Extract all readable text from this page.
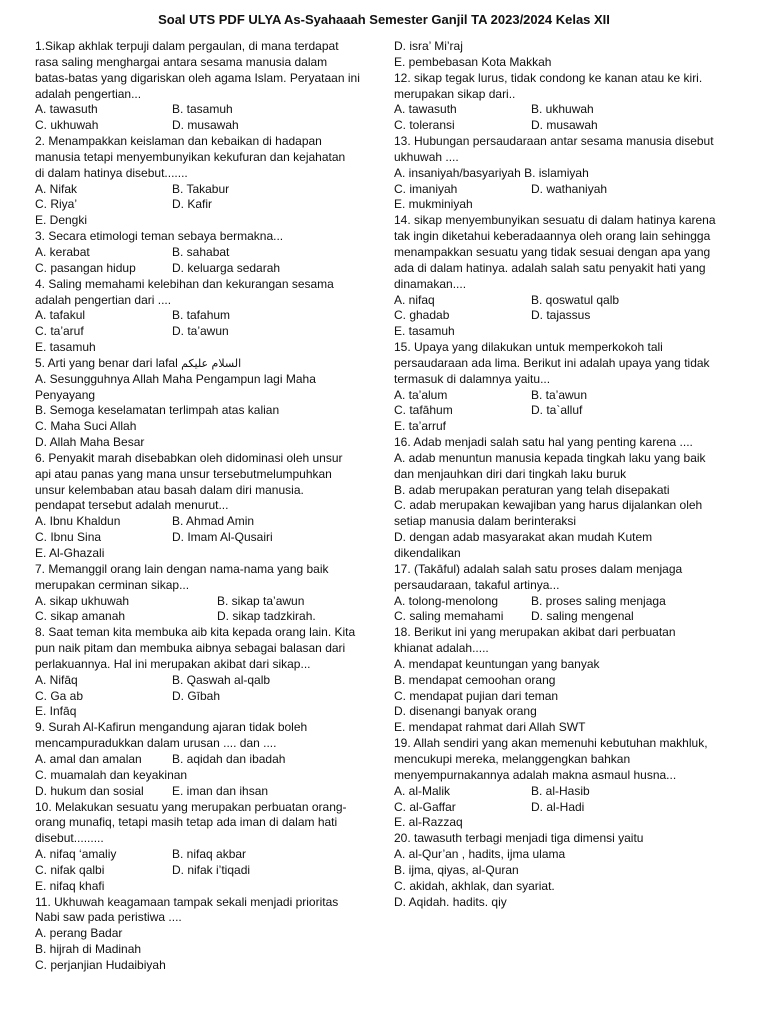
Soal UTS PDF ULYA As-Syahaaah Semester Ganjil TA 2023/2024 Kelas XII
1.Sikap akhlak terpuji dalam pergaulan, di mana terdapat
rasa saling menghargai antara sesama manusia dalam
batas-batas yang digariskan oleh agama Islam. Peryataan ini
adalah pengertian...
A. tawasuth	B. tasamuh
C. ukhuwah	D. musawah
2. Menampakkan keislaman dan kebaikan di hadapan
manusia tetapi menyembunyikan kekufuran dan kejahatan
di dalam hatinya disebut.......
A. Nifak	B. Takabur
C. Riya’	D. Kafir
E. Dengki
3. Secara etimologi teman sebaya bermakna...
A. kerabat	B. sahabat
C. pasangan hidup	D. keluarga sedarah
4. Saling memahami kelebihan dan kekurangan sesama
adalah pengertian dari ....
A. tafakul	B. tafahum
C. ta’aruf	D. ta’awun
E. tasamuh
5. Arti yang benar dari lafal السلام عليكم
A. Sesungguhnya Allah Maha Pengampun lagi Maha
Penyayang
B. Semoga keselamatan terlimpah atas kalian
C. Maha Suci Allah
D. Allah Maha Besar
6. Penyakit marah disebabkan oleh didominasi oleh unsur
api atau panas yang mana unsur tersebutmelumpuhkan
unsur kelembaban atau basah dalam diri manusia.
pendapat tersebut adalah menurut...
A. Ibnu Khaldun	B. Ahmad Amin
C. Ibnu Sina	D. Imam Al-Qusairi
E. Al-Ghazali
7. Memanggil orang lain dengan nama-nama yang baik
merupakan cerminan sikap...
A. sikap ukhuwah	B. sikap ta’awun
C. sikap amanah	D. sikap tadzkirah.
8. Saat teman kita membuka aib kita kepada orang lain. Kita
pun naik pitam dan membuka aibnya sebagai balasan dari
perlakuannya. Hal ini merupakan akibat dari sikap...
A. Nifāq	B. Qaswah al-qalb
C. Ga ab	D. Gībah
E. Infāq
9. Surah Al-Kafirun mengandung ajaran tidak boleh
mencampuradukkan dalam urusan .... dan ....
A. amal dan amalan	B. aqidah dan ibadah
C. muamalah dan keyakinan
D. hukum dan sosial	E. iman dan ihsan
10. Melakukan sesuatu yang merupakan perbuatan orang-
orang munafiq, tetapi masih tetap ada iman di dalam hati
disebut.........
A. nifaq ‘amaliy	B. nifaq akbar
C. nifak qalbi	D. nifak i’tiqadi
E. nifaq khafi
11. Ukhuwah keagamaan tampak sekali menjadi prioritas
Nabi saw pada peristiwa ....
A. perang Badar
B. hijrah di Madinah
C. perjanjian Hudaibiyah
D. isra’ Mi’raj
E. pembebasan Kota Makkah
12. sikap tegak lurus, tidak condong ke kanan atau ke kiri.
merupakan sikap dari..
A. tawasuth	B. ukhuwah
C. toleransi	D. musawah
13. Hubungan persaudaraan antar sesama manusia disebut
ukhuwah ....
A. insaniyah/basyariyah B. islamiyah
C. imaniyah	D. wathaniyah
E. mukminiyah
14. sikap menyembunyikan sesuatu di dalam hatinya karena
tak ingin diketahui keberadaannya oleh orang lain sehingga
menampakkan sesuatu yang tidak sesuai dengan apa yang
ada di dalam hatinya. adalah salah satu penyakit hati yang
dinamakan....
A. nifaq	B. qoswatul qalb
C. ghadab	D. tajassus
E. tasamuh
15. Upaya yang dilakukan untuk memperkokoh tali
persaudaraan ada lima. Berikut ini adalah upaya yang tidak
termasuk di dalamnya yaitu...
A. ta’alum	B. ta’awun
C. tafāhum	D. ta`alluf
E. ta’arruf
16. Adab menjadi salah satu hal yang penting karena ....
A. adab menuntun manusia kepada tingkah laku yang baik
dan menjauhkan diri dari tingkah laku buruk
B. adab merupakan peraturan yang telah disepakati
C. adab merupakan kewajiban yang harus dijalankan oleh
setiap manusia dalam berinteraksi
D. dengan adab masyarakat akan mudah Kutem
dikendalikan
17. (Takāful) adalah salah satu proses dalam menjaga
persaudaraan, takaful artinya...
A. tolong-menolong	B. proses saling menjaga
C. saling memahami	D. saling mengenal
18. Berikut ini yang merupakan akibat dari perbuatan
khianat adalah.....
A. mendapat keuntungan yang banyak
B. mendapat cemoohan orang
C. mendapat pujian dari teman
D. disenangi banyak orang
E. mendapat rahmat dari Allah SWT
19. Allah sendiri yang akan memenuhi kebutuhan makhluk,
mencukupi mereka, melanggengkan bahkan
menyempurnakannya adalah makna asmaul husna...
A. al-Malik	B. al-Hasib
C. al-Gaffar	D. al-Hadi
E. al-Razzaq
20. tawasuth terbagi menjadi tiga dimensi yaitu
A. al-Qur’an , hadits, ijma ulama
B. ijma, qiyas, al-Quran
C. akidah, akhlak, dan syariat.
D. Aqidah. hadits. qiy
